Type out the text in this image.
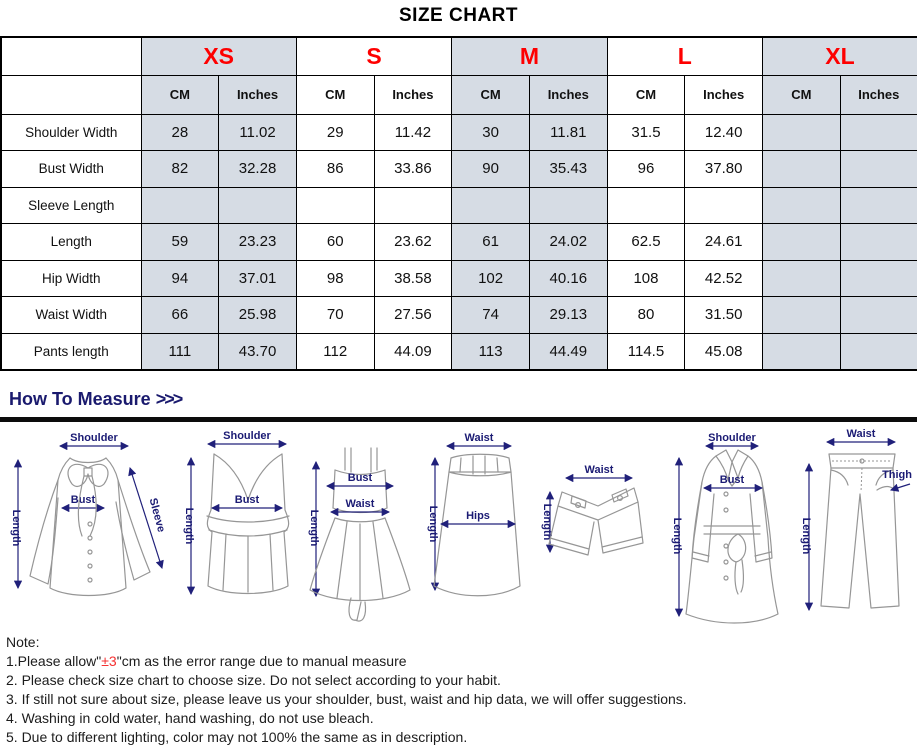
SIZE CHART
	XS		S		M		L		XL	
	CM	Inches	CM	Inches	CM	Inches	CM	Inches	CM	Inches
Shoulder Width	28	11.02	29	11.42	30	11.81	31.5	12.40		
Bust Width	82	32.28	86	33.86	90	35.43	96	37.80		
Sleeve Length										
Length	59	23.23	60	23.62	61	24.02	62.5	24.61		
Hip Width	94	37.01	98	38.58	102	40.16	108	42.52		
Waist Width	66	25.98	70	27.56	74	29.13	80	31.50		
Pants length	111	43.70	112	44.09	113	44.49	114.5	45.08		
How To Measure >>>
Shoulder
Length	Sleeve
Bust
Shoulder
Length
Bust
Length
Bust
Waist
Waist
Length Hips
Waist
Length
Shoulder
Length
Bust
Waist
Length
Thigh
Note:
1.Please allow"±3"cm as the error range due to manual measure
2. Please check size chart to choose size. Do not select according to your habit.
3. If still not sure about size, please leave us your shoulder, bust, waist and hip data, we will offer suggestions.
4. Washing in cold water, hand washing, do not use bleach.
5. Due to different lighting, color may not 100% the same as in description.
